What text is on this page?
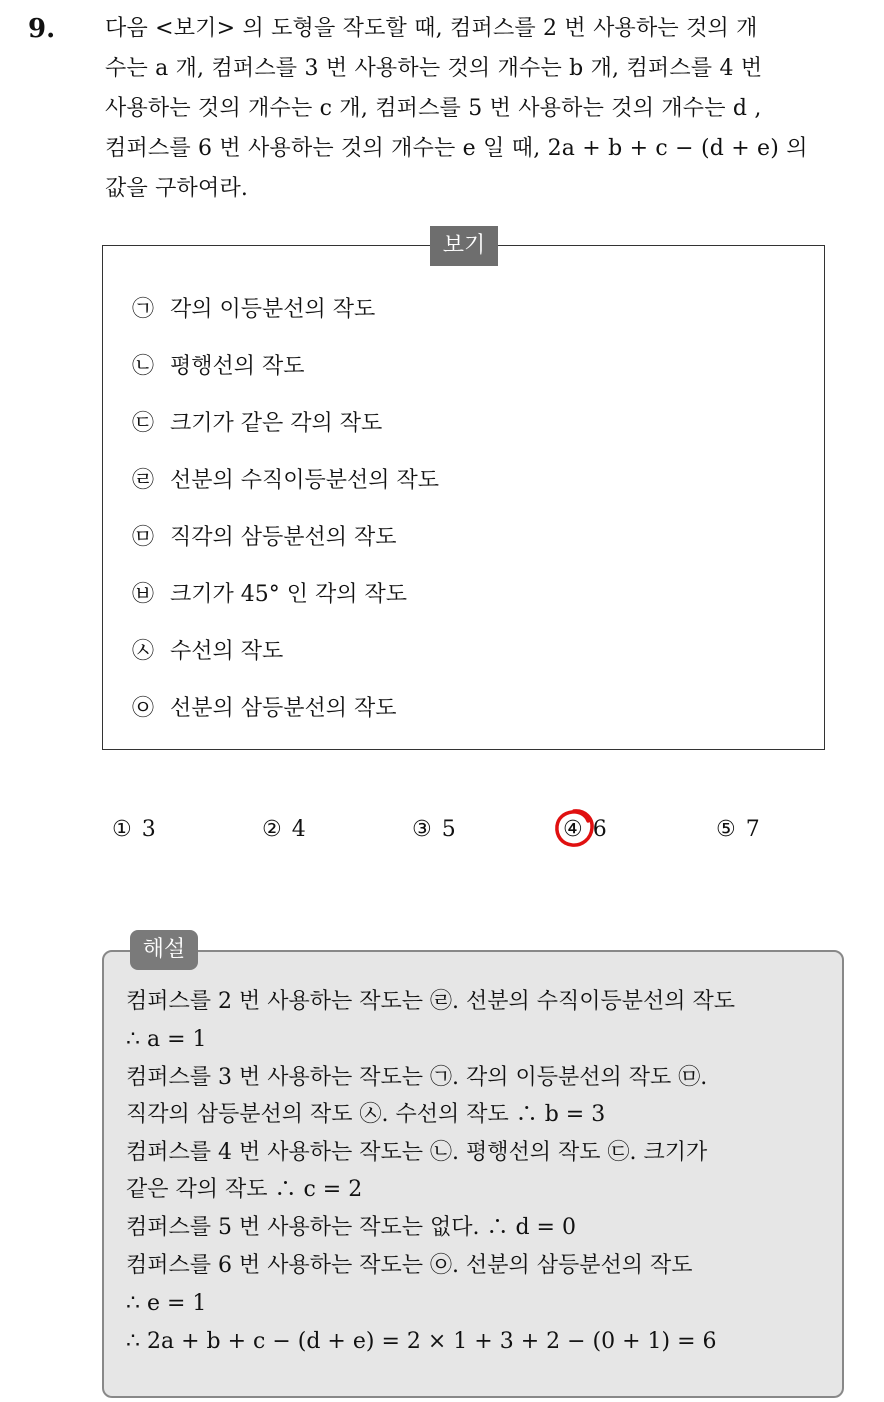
9. 다음 <보기> 의 도형을 작도할 때, 컴퍼스를 2 번 사용하는 것의 개
수는 a 개, 컴퍼스를 3 번 사용하는 것의 개수는 b 개, 컴퍼스를 4 번
사용하는 것의 개수는 c 개, 컴퍼스를 5 번 사용하는 것의 개수는 d ,
컴퍼스를 6 번 사용하는 것의 개수는 e 일 때, 2a + b + c − (d + e) 의
값을 구하여라.
보기
㉠ 각의 이등분선의 작도
㉡ 평행선의 작도
㉢ 크기가 같은 각의 작도
㉣ 선분의 수직이등분선의 작도
㉤ 직각의 삼등분선의 작도
㉥ 크기가 45° 인 각의 작도
㉦ 수선의 작도
㉧ 선분의 삼등분선의 작도
① 3	② 4	③ 5	④ 6	⑤ 7
해설
컴퍼스를 2 번 사용하는 작도는 ㉣. 선분의 수직이등분선의 작도
∴ a = 1
컴퍼스를 3 번 사용하는 작도는 ㉠. 각의 이등분선의 작도 ㉤.
직각의 삼등분선의 작도 ㉦. 수선의 작도 ∴ b = 3
컴퍼스를 4 번 사용하는 작도는 ㉡. 평행선의 작도 ㉢. 크기가
같은 각의 작도 ∴ c = 2
컴퍼스를 5 번 사용하는 작도는 없다. ∴ d = 0
컴퍼스를 6 번 사용하는 작도는 ㉧. 선분의 삼등분선의 작도
∴ e = 1
∴ 2a + b + c − (d + e) = 2 × 1 + 3 + 2 − (0 + 1) = 6
